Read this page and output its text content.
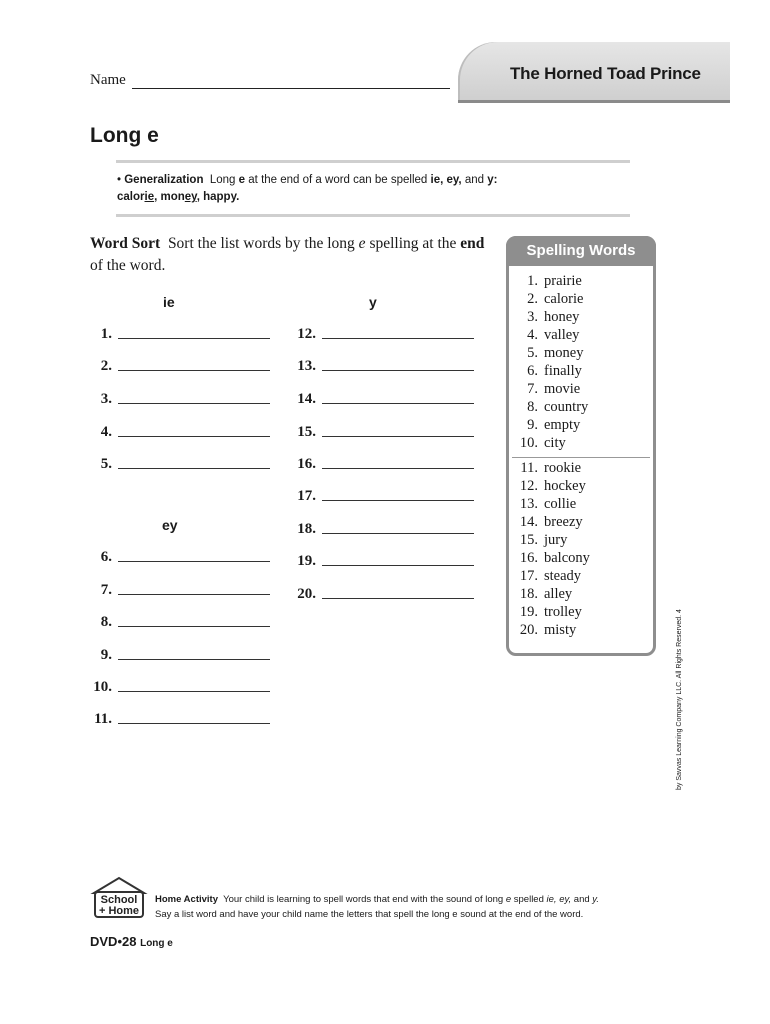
Name	The Horned Toad Prince
Long e
• Generalization Long e at the end of a word can be spelled ie, ey, and y:
calorie, money, happy.
Word Sort Sort the list words by the long e spelling at the end of the word.
ie	y
ey
1.
2.
3.
4.
5.
6.
7.
8.
9.
10.
11.
12.
13.
14.
15.
16.
17.
18.
19.
20.
Spelling Words
1. prairie
2. calorie
3. honey
4. valley
5. money
6. finally
7. movie
8. country
9. empty
10. city
11. rookie
12. hockey
13. collie
14. breezy
15. jury
16. balcony
17. steady
18. alley
19. trolley
20. misty	by Savvas Learning Company LLC. All Rights Reserved. 4
School
+ Home
Home Activity Your child is learning to spell words that end with the sound of long e spelled ie, ey, and y.
Say a list word and have your child name the letters that spell the long e sound at the end of the word.
DVD•28 Long e
